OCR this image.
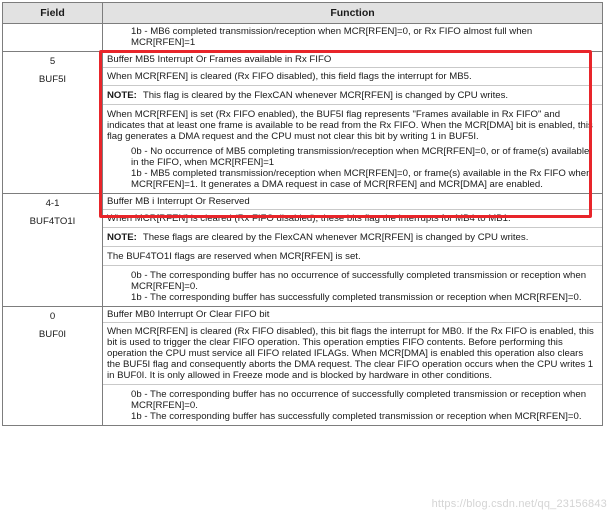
Field	Function

1b - MB6 completed transmission/reception when MCR[RFEN]=0, or Rx FIFO almost full when MCR[RFEN]=1

5
BUF5I

Buffer MB5 Interrupt Or Frames available in Rx FIFO

When MCR[RFEN] is cleared (Rx FIFO disabled), this field flags the interrupt for MB5.

NOTE: This flag is cleared by the FlexCAN whenever MCR[RFEN] is changed by CPU writes.

When MCR[RFEN] is set (Rx FIFO enabled), the BUF5I flag represents "Frames available in Rx FIFO" and indicates that at least one frame is available to be read from the Rx FIFO. When the MCR[DMA] bit is enabled, this flag generates a DMA request and the CPU must not clear this bit by writing 1 in BUF5I.

0b - No occurrence of MB5 completing transmission/reception when MCR[RFEN]=0, or of frame(s) available in the FIFO, when MCR[RFEN]=1

1b - MB5 completed transmission/reception when MCR[RFEN]=0, or frame(s) available in the Rx FIFO when MCR[RFEN]=1. It generates a DMA request in case of MCR[RFEN] and MCR[DMA] are enabled.

4-1
BUF4TO1I

Buffer MB i Interrupt Or Reserved

When MCR[RFEN] is cleared (Rx FIFO disabled), these bits flag the interrupts for MB4 to MB1.

NOTE: These flags are cleared by the FlexCAN whenever MCR[RFEN] is changed by CPU writes.

The BUF4TO1I flags are reserved when MCR[RFEN] is set.

0b - The corresponding buffer has no occurrence of successfully completed transmission or reception when MCR[RFEN]=0.

1b - The corresponding buffer has successfully completed transmission or reception when MCR[RFEN]=0.

0
BUF0I

Buffer MB0 Interrupt Or Clear FIFO bit

When MCR[RFEN] is cleared (Rx FIFO disabled), this bit flags the interrupt for MB0. If the Rx FIFO is enabled, this bit is used to trigger the clear FIFO operation. This operation empties FIFO contents. Before performing this operation the CPU must service all FIFO related IFLAGs. When MCR[DMA] is enabled this operation also clears the BUF5I flag and consequently aborts the DMA request. The clear FIFO operation occurs when the CPU writes 1 in BUF0I. It is only allowed in Freeze mode and is blocked by hardware in other conditions.

0b - The corresponding buffer has no occurrence of successfully completed transmission or reception when MCR[RFEN]=0.

1b - The corresponding buffer has successfully completed transmission or reception when MCR[RFEN]=0.

https://blog.csdn.net/qq_23156843
